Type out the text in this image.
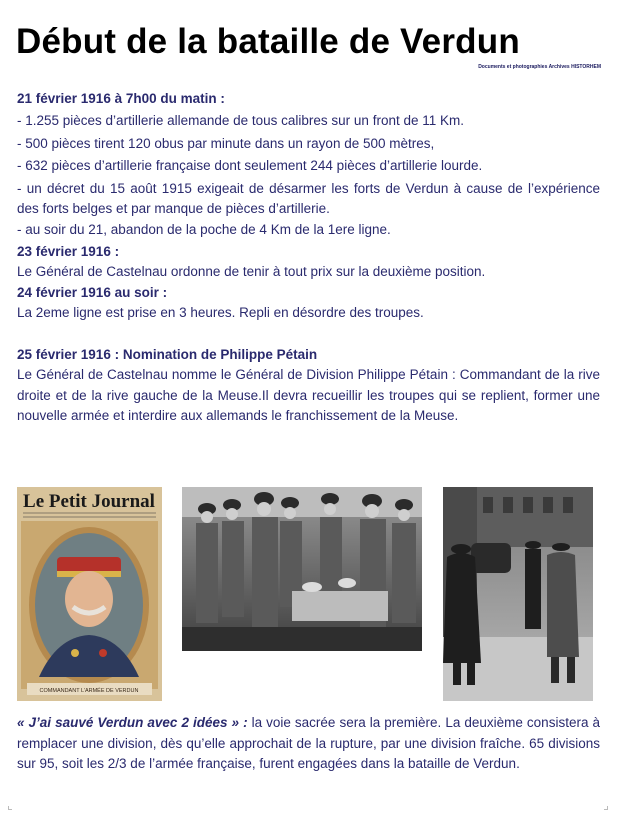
Début de la bataille de Verdun
Documents et photographies Archives HISTORHEM

21 février 1916 à 7h00 du matin :

- 1.255 pièces d’artillerie allemande de tous calibres sur un front de 11 Km.

- 500 pièces tirent 120 obus par minute dans un rayon de 500 mètres,

- 632 pièces d’artillerie française dont seulement 244 pièces d’artillerie lourde.

- un décret du 15 août 1915 exigeait de désarmer les forts de Verdun à cause de l’expérience des forts belges et par manque de pièces d’artillerie.

- au soir du 21, abandon de la poche de 4 Km de la 1ere ligne.

23 février 1916 :

Le Général de Castelnau ordonne de tenir à tout prix sur la deuxième position.

24 février 1916 au soir :

La 2eme ligne est prise en 3 heures. Repli en désordre des troupes.

25 février 1916 : Nomination de Philippe Pétain

Le Général de Castelnau nomme le Général de Division Philippe Pétain : Commandant de la rive droite et de la rive gauche de la Meuse.Il devra recueillir les troupes qui se replient, former une nouvelle armée et interdire aux allemands le franchissement de la Meuse.

COMMANDANT L’ARMÉE DE VERDUN
Le Petit Journal

« J’ai sauvé Verdun avec 2 idées » : la voie sacrée sera la première. La deuxième consistera à remplacer une division, dès qu’elle approchait de la rupture, par une division fraîche. 65 divisions sur 95, soit les 2/3 de l’armée française, furent engagées dans la bataille de Verdun.
